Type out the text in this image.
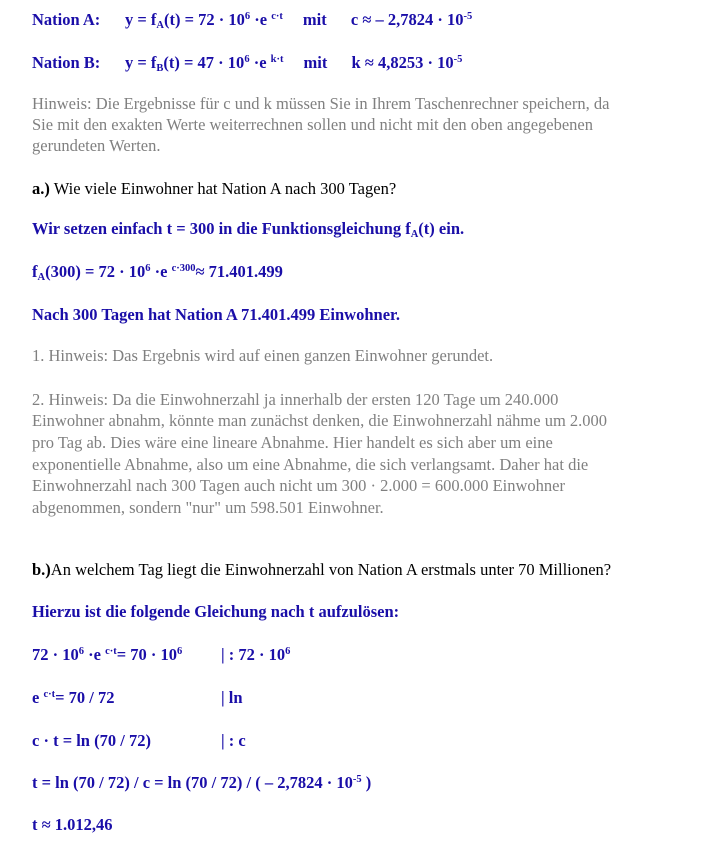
Nation A: $y = f_A(t) = 72 \cdot 10^6 \cdot e$ $^{c\cdot t}$ mit c ≈ – $2,7824 \cdot 10^{-5}$
Nation B: $y = f_B(t) = 47 \cdot 10^6 \cdot e$ $^{k\cdot t}$ mit $k \approx 4,8253 \cdot 10^{-5}$
Hinweis: Die Ergebnisse für c und k müssen Sie in Ihrem Taschenrechner speichern, da
Sie mit den exakten Werte weiterrechnen sollen und nicht mit den oben angegebenen
gerundeten Werten.
a.) Wie viele Einwohner hat Nation A nach 300 Tagen?
Wir setzen einfach t = 300 in die Funktionsgleichung $f_A(t)$ ein.
$f_A(300) = 72 \cdot 10^6 \cdot e$ $^{c\cdot 300}$≈ 71.401.499
Nach 300 Tagen hat Nation A 71.401.499 Einwohner.
1. Hinweis: Das Ergebnis wird auf einen ganzen Einwohner gerundet.
2. Hinweis: Da die Einwohnerzahl ja innerhalb der ersten 120 Tage um 240.000
Einwohner abnahm, könnte man zunächst denken, die Einwohnerzahl nähme um 2.000
pro Tag ab. Dies wäre eine lineare Abnahme. Hier handelt es sich aber um eine
exponentielle Abnahme, also um eine Abnahme, die sich verlangsamt. Daher hat die
Einwohnerzahl nach 300 Tagen auch nicht um 300 · 2.000 = 600.000 Einwohner
abgenommen, sondern "nur" um 598.501 Einwohner.
b.)An welchem Tag liegt die Einwohnerzahl von Nation A erstmals unter 70 Millionen?
Hierzu ist die folgende Gleichung nach t aufzulösen:
$72 \cdot 10^6 \cdot e$ $^{c\cdot t}= 70 \cdot 10^6$ | : $72 \cdot 10^6$
e $^{c\cdot t}$= 70 / 72	| ln
c · t = ln (70 / 72)	| : c
t = ln (70 / 72) / c = ln (70 / 72) / ( – $2,7824 \cdot 10^{-5}$ )
t ≈ 1.012,46
